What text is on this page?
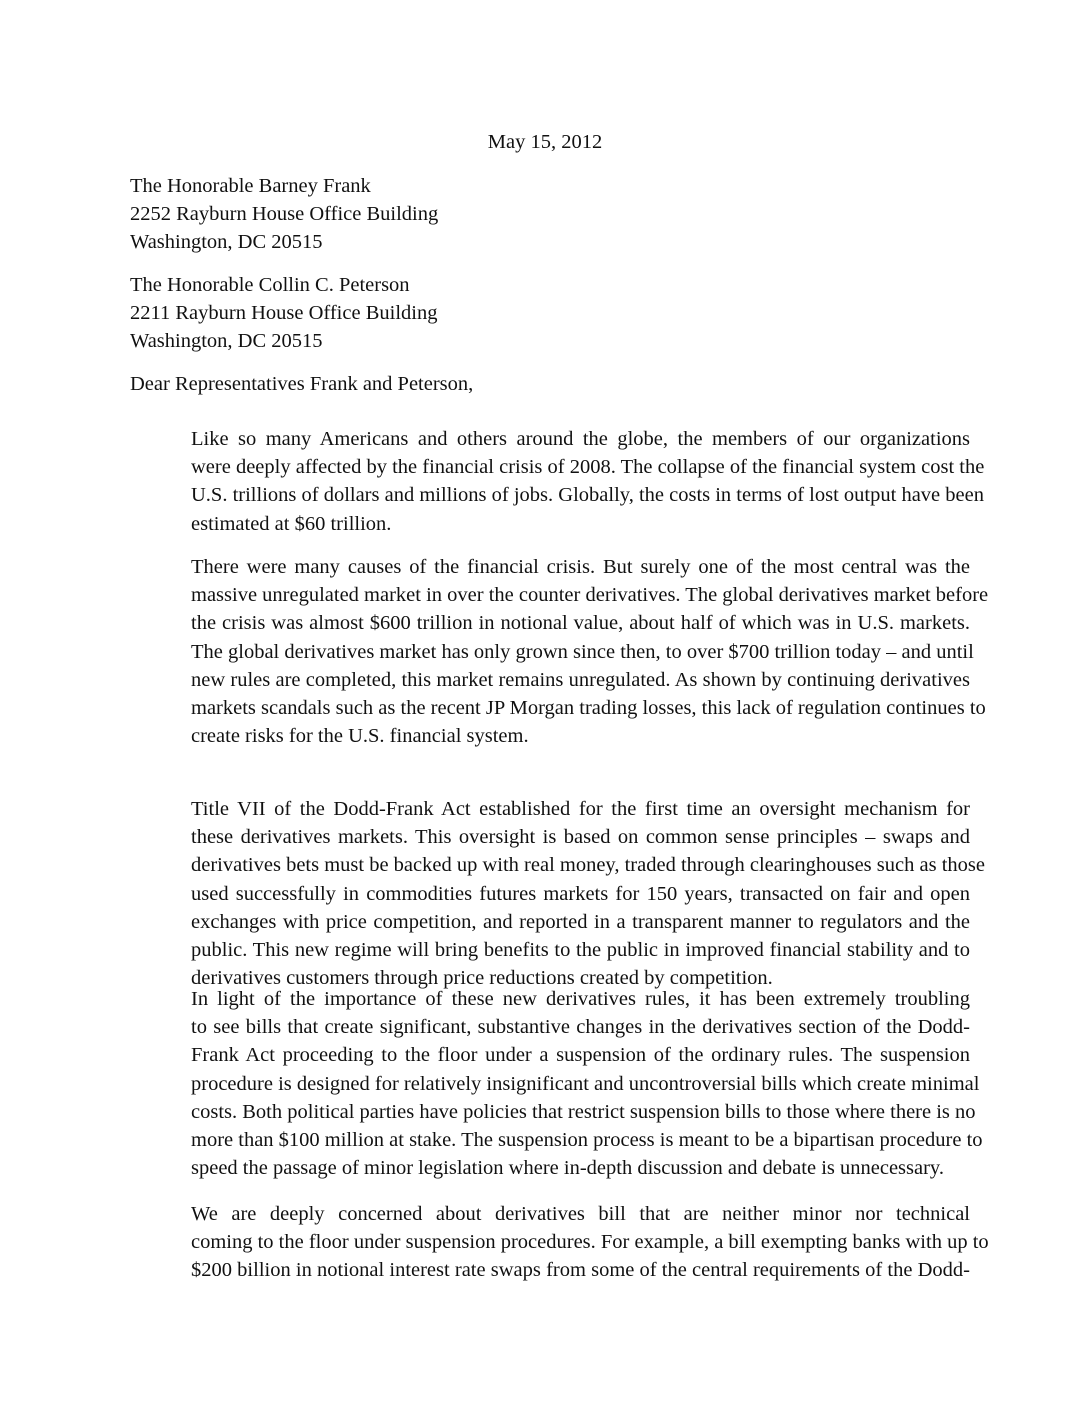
May 15, 2012
The Honorable Barney Frank
2252 Rayburn House Office Building
Washington, DC 20515
The Honorable Collin C. Peterson
2211 Rayburn House Office Building
Washington, DC 20515
Dear Representatives Frank and Peterson,
Like so many Americans and others around the globe, the members of our organizations
were deeply affected by the financial crisis of 2008. The collapse of the financial system cost the
U.S. trillions of dollars and millions of jobs. Globally, the costs in terms of lost output have been
estimated at $60 trillion.
There were many causes of the financial crisis. But surely one of the most central was the
massive unregulated market in over the counter derivatives. The global derivatives market before
the crisis was almost $600 trillion in notional value, about half of which was in U.S. markets.
The global derivatives market has only grown since then, to over $700 trillion today – and until
new rules are completed, this market remains unregulated. As shown by continuing derivatives
markets scandals such as the recent JP Morgan trading losses, this lack of regulation continues to
create risks for the U.S. financial system.
Title VII of the Dodd-Frank Act established for the first time an oversight mechanism for
these derivatives markets. This oversight is based on common sense principles – swaps and
derivatives bets must be backed up with real money, traded through clearinghouses such as those
used successfully in commodities futures markets for 150 years, transacted on fair and open
exchanges with price competition, and reported in a transparent manner to regulators and the
public. This new regime will bring benefits to the public in improved financial stability and to
derivatives customers through price reductions created by competition.
In light of the importance of these new derivatives rules, it has been extremely troubling
to see bills that create significant, substantive changes in the derivatives section of the Dodd-
Frank Act proceeding to the floor under a suspension of the ordinary rules. The suspension
procedure is designed for relatively insignificant and uncontroversial bills which create minimal
costs. Both political parties have policies that restrict suspension bills to those where there is no
more than $100 million at stake. The suspension process is meant to be a bipartisan procedure to
speed the passage of minor legislation where in-depth discussion and debate is unnecessary.
We are deeply concerned about derivatives bill that are neither minor nor technical
coming to the floor under suspension procedures. For example, a bill exempting banks with up to
$200 billion in notional interest rate swaps from some of the central requirements of the Dodd-
